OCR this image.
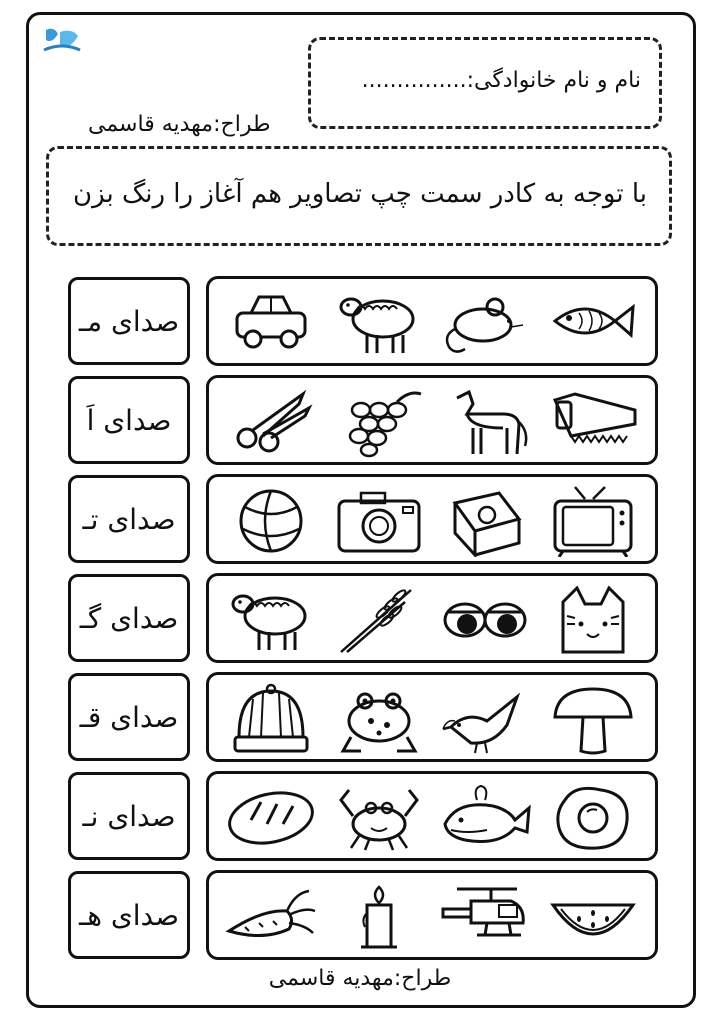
نام و نام خانوادگی:...............
طراح:مهدیه قاسمی
با توجه به کادر سمت چپ تصاویر هم آغاز را رنگ بزن
صدای مـ
صدای اَ
صدای تـ
صدای گـ
صدای قـ
صدای نـ
صدای هـ
طراح:مهدیه قاسمی
